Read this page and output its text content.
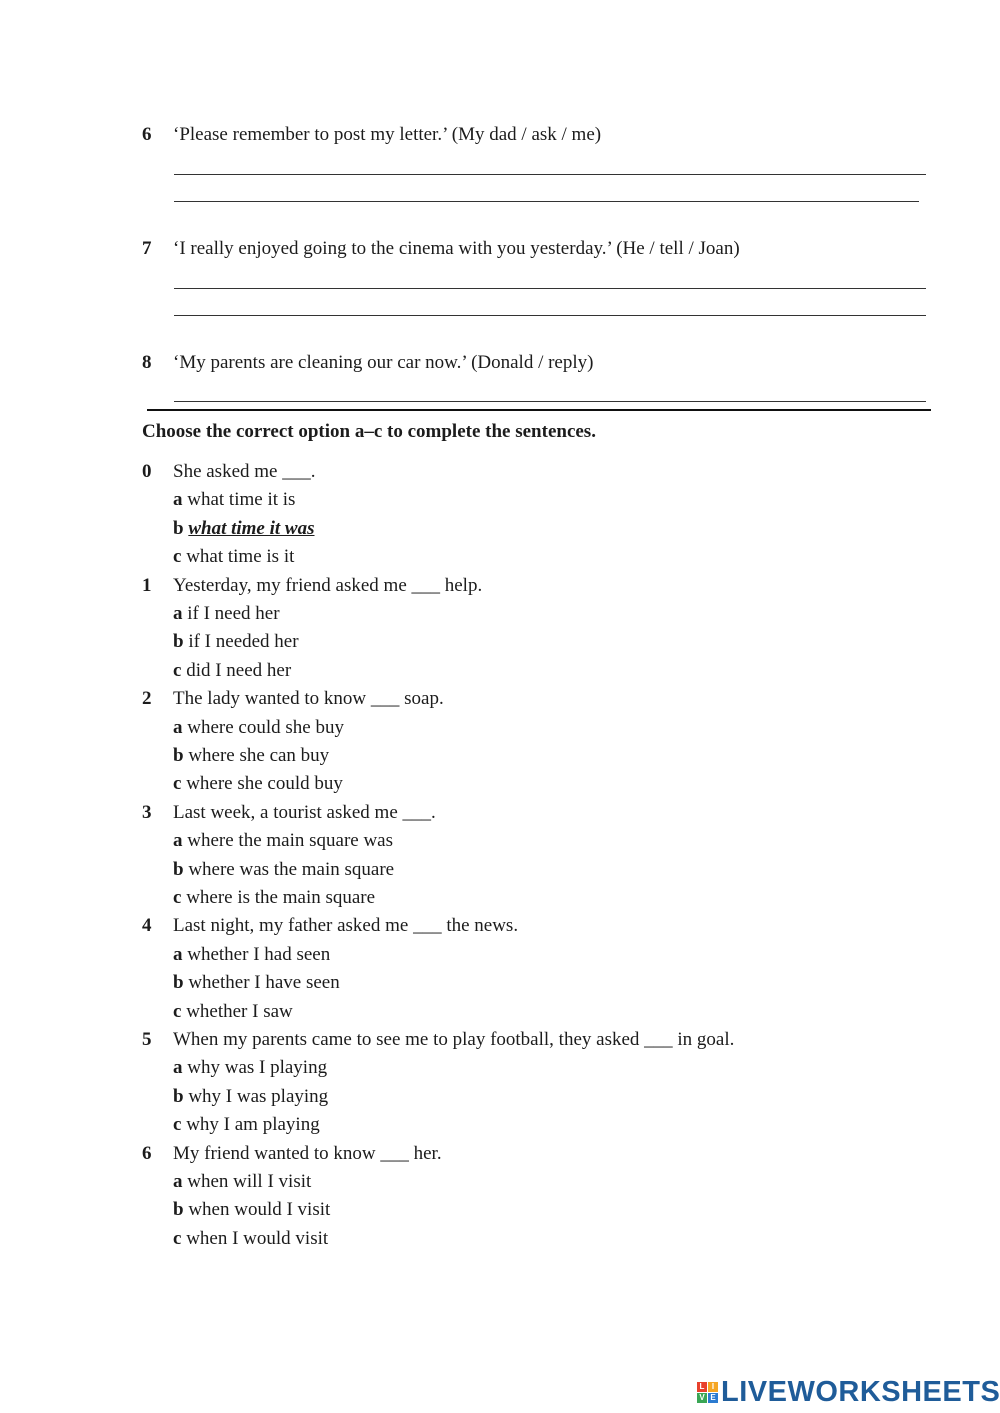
6 ‘Please remember to post my letter.’ (My dad / ask / me)
7 ‘I really enjoyed going to the cinema with you yesterday.’ (He / tell / Joan)
8 ‘My parents are cleaning our car now.’ (Donald / reply)
Choose the correct option a–c to complete the sentences.
0 She asked me ___.
a what time it is
b what time it was
c what time is it
1 Yesterday, my friend asked me ___ help.
a if I need her
b if I needed her
c did I need her
2 The lady wanted to know ___ soap.
a where could she buy
b where she can buy
c where she could buy
3 Last week, a tourist asked me ___.
a where the main square was
b where was the main square
c where is the main square
4 Last night, my father asked me ___ the news.
a whether I had seen
b whether I have seen
c whether I saw
5 When my parents came to see me to play football, they asked ___ in goal.
a why was I playing
b why I was playing
c why I am playing
6 My friend wanted to know ___ her.
a when will I visit
b when would I visit
c when I would visit
L I
V E LIVEWORKSHEETS
